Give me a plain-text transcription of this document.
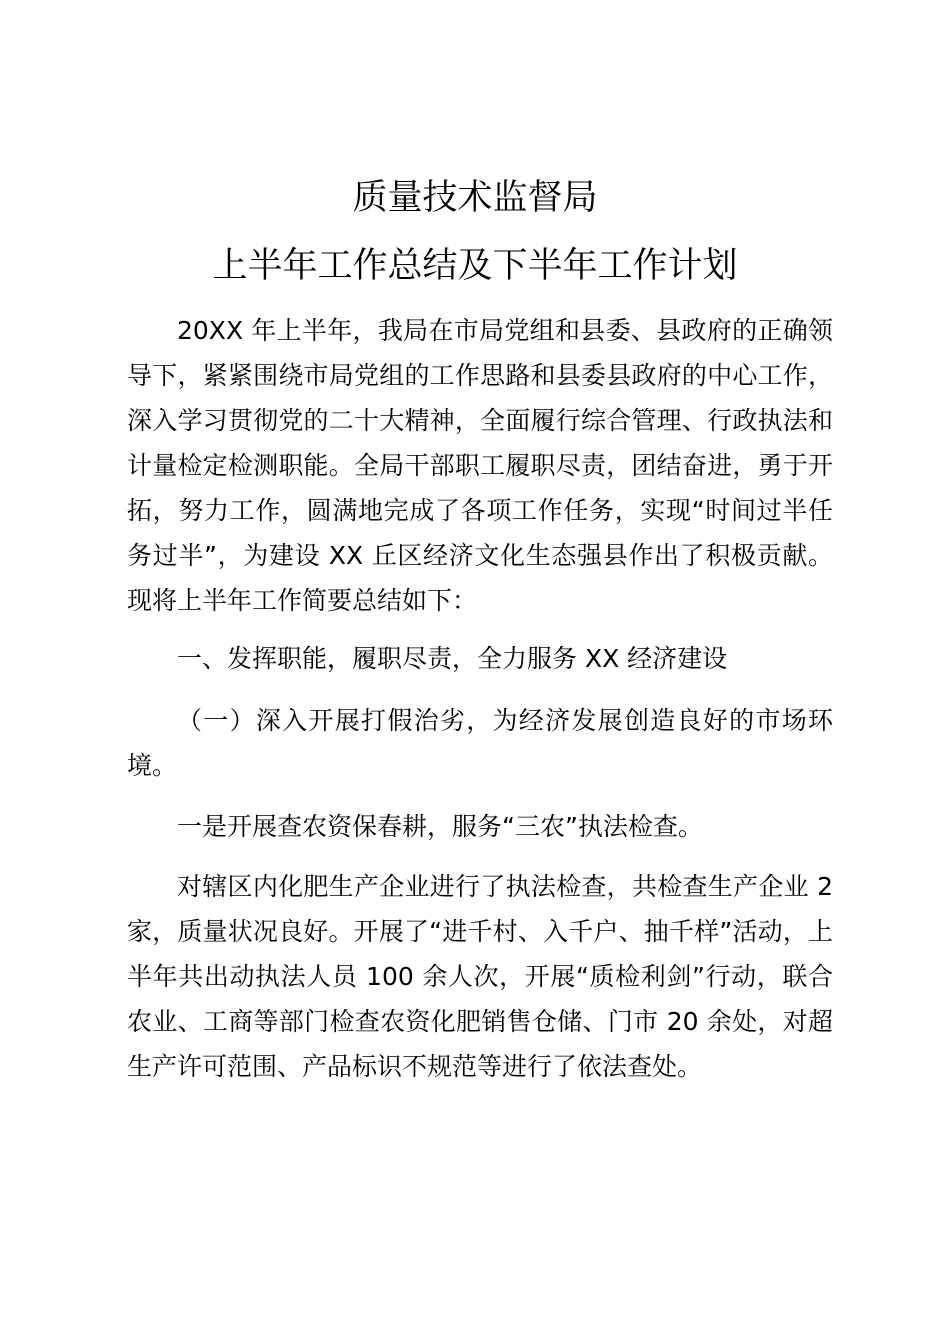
质量技术监督局
上半年工作总结及下半年工作计划

20XX 年上半年，我局在市局党组和县委、县政府的正确领导下，紧紧围绕市局党组的工作思路和县委县政府的中心工作，深入学习贯彻党的二十大精神，全面履行综合管理、行政执法和计量检定检测职能。全局干部职工履职尽责，团结奋进，勇于开拓，努力工作，圆满地完成了各项工作任务，实现“时间过半任务过半”，为建设 XX 丘区经济文化生态强县作出了积极贡献。现将上半年工作简要总结如下：

一、发挥职能，履职尽责，全力服务 XX 经济建设

（一）深入开展打假治劣，为经济发展创造良好的市场环境。

一是开展查农资保春耕，服务“三农”执法检查。

对辖区内化肥生产企业进行了执法检查，共检查生产企业 2 家，质量状况良好。开展了“进千村、入千户、抽千样”活动，上半年共出动执法人员 100 余人次，开展“质检利剑”行动，联合农业、工商等部门检查农资化肥销售仓储、门市 20 余处，对超生产许可范围、产品标识不规范等进行了依法查处。
